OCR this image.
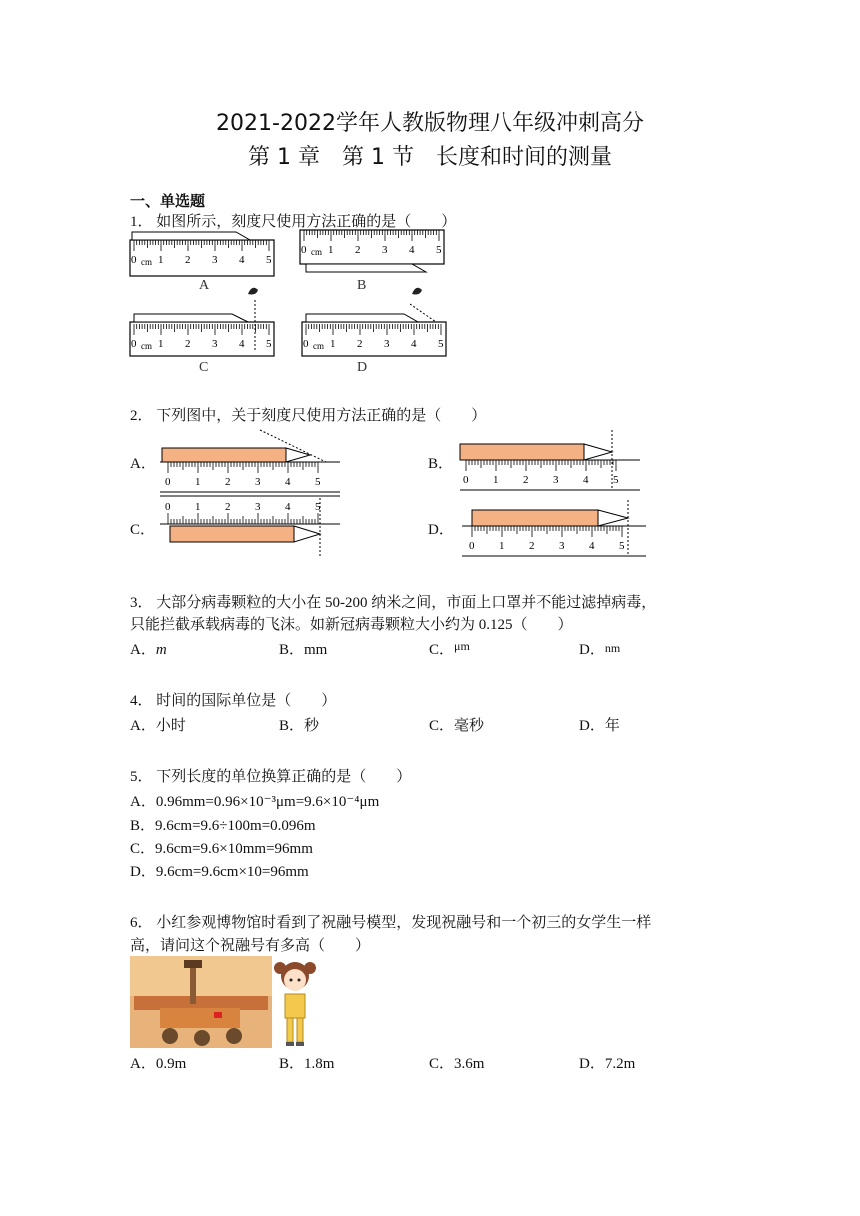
2021-2022学年人教版物理八年级冲刺高分
第 1 章　第 1 节　长度和时间的测量
一、单选题
1． 如图所示，刻度尺使用方法正确的是（　　）
0 1 2 3 4 5
cm
0 1 2 3 4 5
cm
0 1 2 3 4 5
cm	0 1 2 3 4 5
cm
A	B
C	D
2． 下列图中，关于刻度尺使用方法正确的是（　　）
A．	B．
C．	D．
0 1 2 3 4 5	0 1 2 3 4 5
0 1 2 3 4 5
0 1 2 3 4 5
3． 大部分病毒颗粒的大小在 50-200 纳米之间，市面上口罩并不能过滤掉病毒，
只能拦截承载病毒的飞沫。如新冠病毒颗粒大小约为 0.125（　　）
A．m	B．mm	C．$^{\mu m}$	D．nm
4． 时间的国际单位是（　　）
A．小时	B．秒	C．毫秒	D．年
5． 下列长度的单位换算正确的是（　　）
A．0.96mm=0.96×10⁻³μm=9.6×10⁻⁴μm
B．9.6cm=9.6÷100m=0.096m
C．9.6cm=9.6×10mm=96mm
D．9.6cm=9.6cm×10=96mm
6． 小红参观博物馆时看到了祝融号模型，发现祝融号和一个初三的女学生一样
高，请问这个祝融号有多高（　　）
A．0.9m	B．1.8m	C．3.6m	D．7.2m
